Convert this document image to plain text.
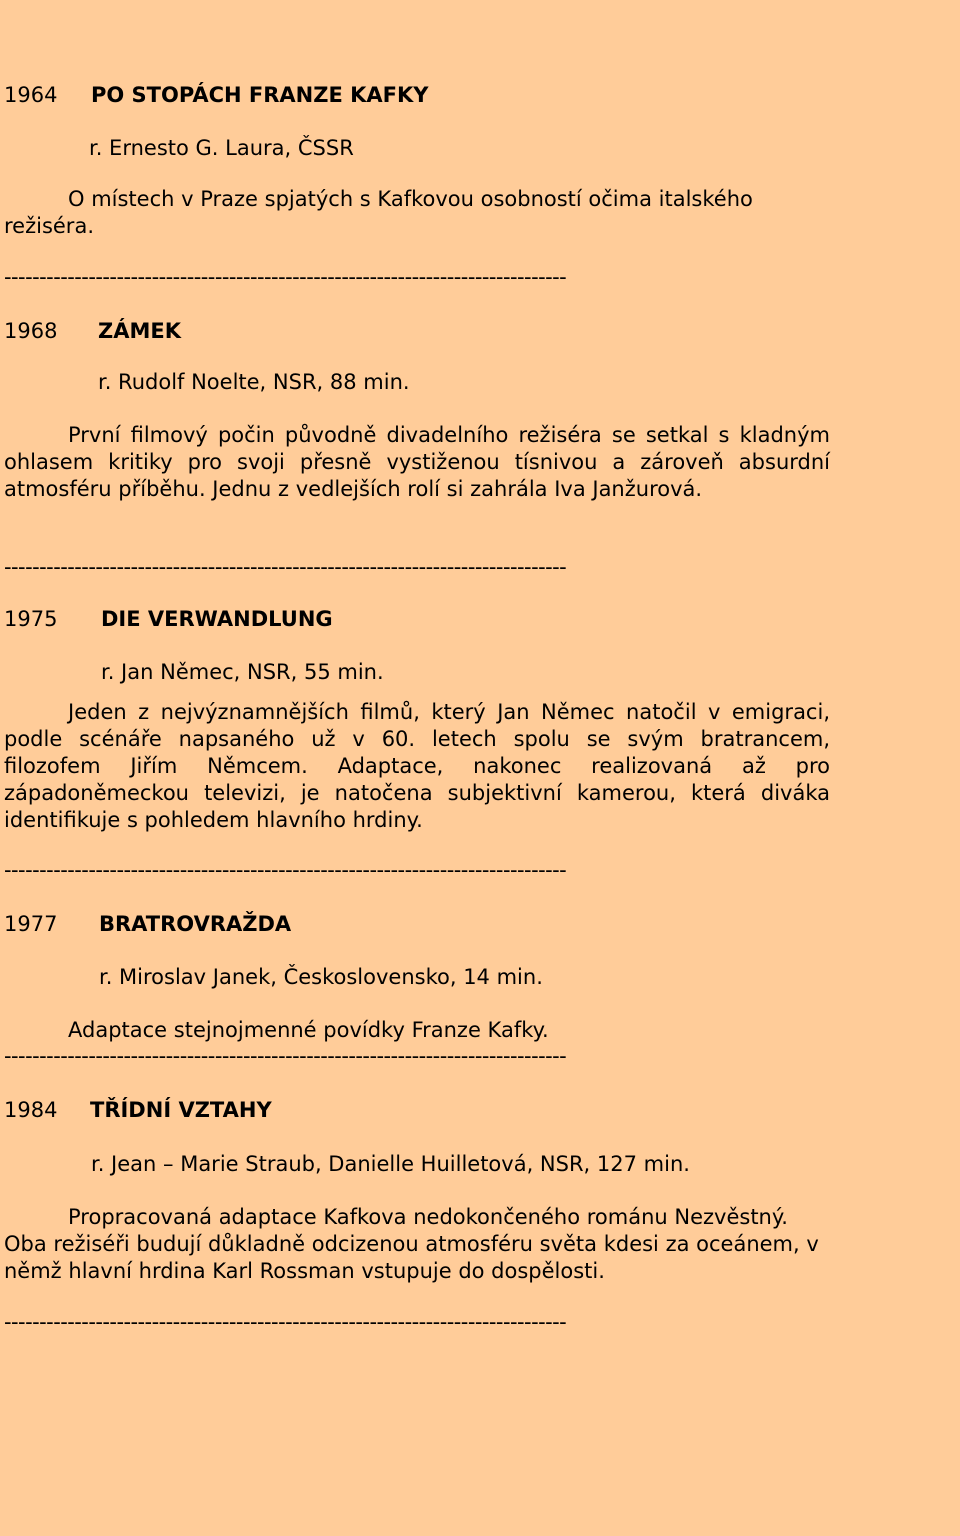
1964 PO STOPÁCH FRANZE KAFKY
r. Ernesto G. Laura, ČSSR
O místech v Praze spjatých s Kafkovou osobností očima italského režiséra.
--------------------------------------------------------------------------------
1968 ZÁMEK
r. Rudolf Noelte, NSR, 88 min.
První filmový počin původně divadelního režiséra se setkal s kladným ohlasem kritiky pro svoji přesně vystiženou tísnivou a zároveň absurdní atmosféru příběhu. Jednu z vedlejších rolí si zahrála Iva Janžurová.
--------------------------------------------------------------------------------
1975 DIE VERWANDLUNG
r. Jan Němec, NSR, 55 min.
Jeden z nejvýznamnějších filmů, který Jan Němec natočil v emigraci, podle scénáře napsaného už v 60. letech spolu se svým bratrancem, filozofem Jiřím Němcem. Adaptace, nakonec realizovaná až pro západoněmeckou televizi, je natočena subjektivní kamerou, která diváka identifikuje s pohledem hlavního hrdiny.
--------------------------------------------------------------------------------
1977 BRATROVRAŽDA
r. Miroslav Janek, Československo, 14 min.
Adaptace stejnojmenné povídky Franze Kafky.
--------------------------------------------------------------------------------
1984 TŘÍDNÍ VZTAHY
r. Jean – Marie Straub, Danielle Huilletová, NSR, 127 min.
Propracovaná adaptace Kafkova nedokončeného románu Nezvěstný. Oba režiséři budují důkladně odcizenou atmosféru světa kdesi za oceánem, v němž hlavní hrdina Karl Rossman vstupuje do dospělosti.
--------------------------------------------------------------------------------
